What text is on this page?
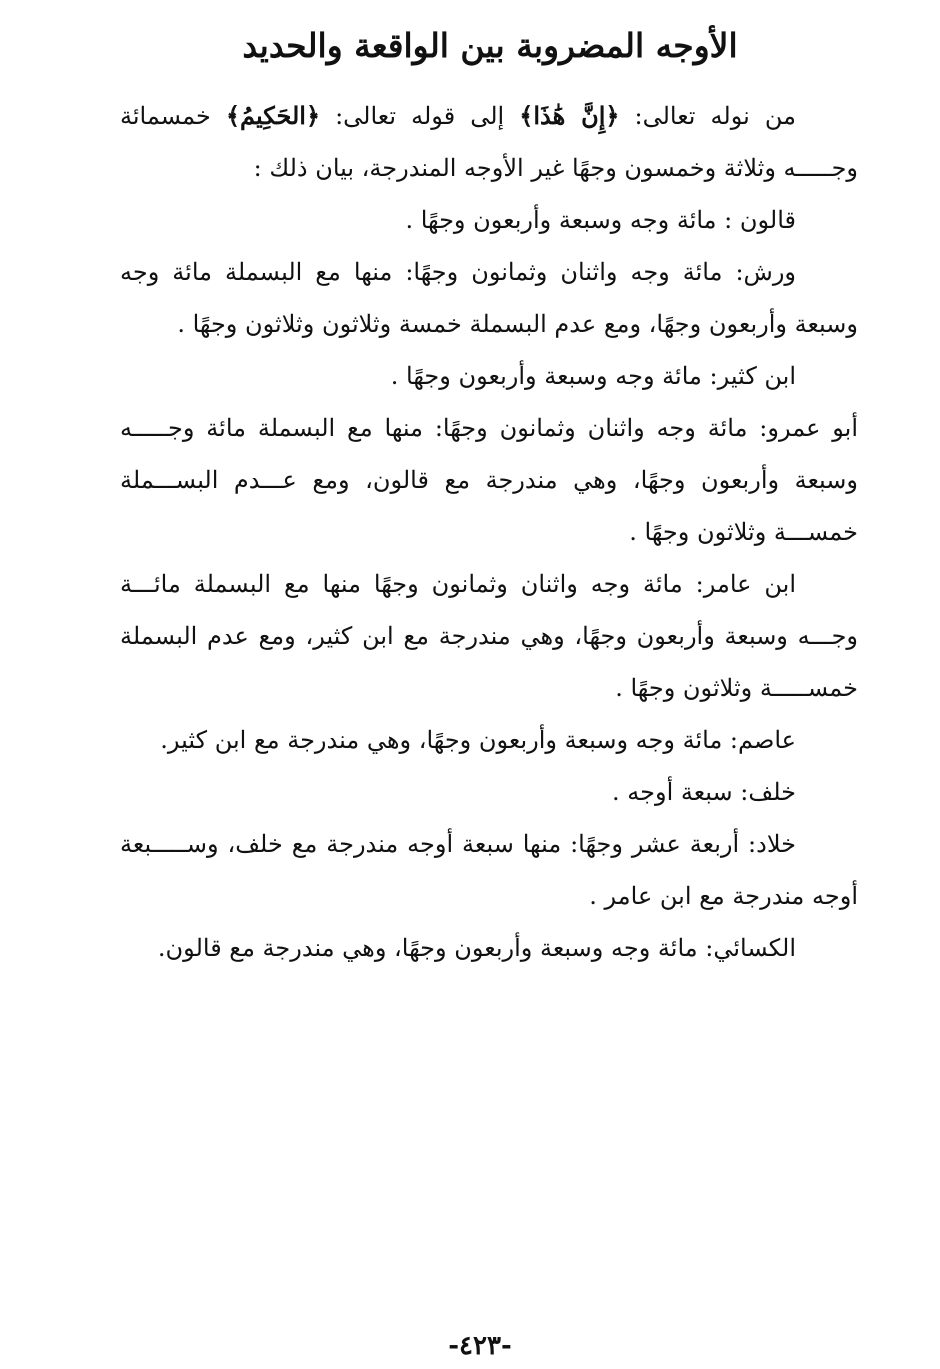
الأوجه المضروبة بين الواقعة والحديد

من نوله تعالى: ﴿إِنَّ هَٰذَا﴾ إلى قوله تعالى: ﴿الحَكِيمُ﴾ خمسمائة وجـــــه وثلاثة وخمسون وجهًا غير الأوجه المندرجة، بيان ذلك :

قالون : مائة وجه وسبعة وأربعون وجهًا .

ورش: مائة وجه واثنان وثمانون وجهًا: منها مع البسملة مائة وجه وسبعة وأربعون وجهًا، ومع عدم البسملة خمسة وثلاثون وثلاثون وجهًا .

ابن كثير: مائة وجه وسبعة وأربعون وجهًا .

أبو عمرو: مائة وجه واثنان وثمانون وجهًا: منها مع البسملة مائة وجـــــه وسبعة وأربعون وجهًا، وهي مندرجة مع قالون، ومع عـــدم البســـملة خمســـة وثلاثون وجهًا .

ابن عامر: مائة وجه واثنان وثمانون وجهًا منها مع البسملة مائـــة وجـــه وسبعة وأربعون وجهًا، وهي مندرجة مع ابن كثير، ومع عدم البسملة خمســـــة وثلاثون وجهًا .

عاصم: مائة وجه وسبعة وأربعون وجهًا، وهي مندرجة مع ابن كثير.

خلف: سبعة أوجه .

خلاد: أربعة عشر وجهًا: منها سبعة أوجه مندرجة مع خلف، وســـــبعة أوجه مندرجة مع ابن عامر .

الكسائي: مائة وجه وسبعة وأربعون وجهًا، وهي مندرجة مع قالون.

-٤٢٣-
